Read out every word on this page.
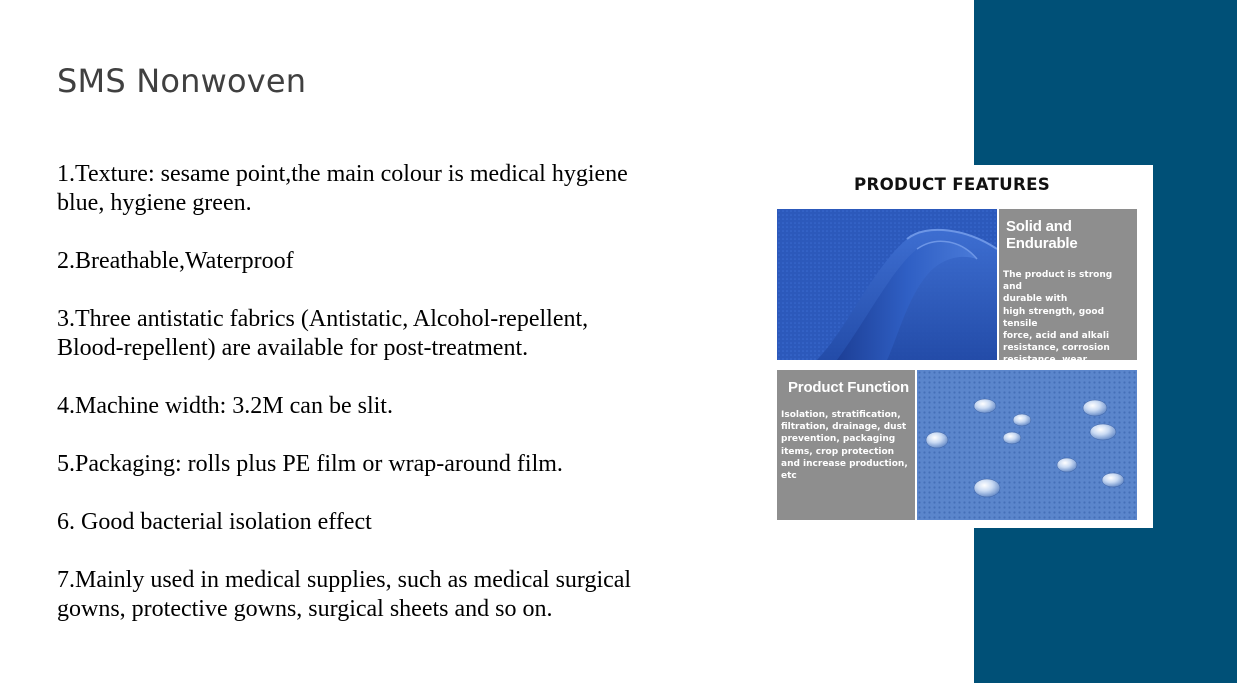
SMS Nonwoven
1.Texture: sesame point,the main colour is medical hygiene blue, hygiene green.
2.Breathable,Waterproof
3.Three antistatic fabrics (Antistatic, Alcohol-repellent, Blood-repellent) are available for post-treatment.
4.Machine width: 3.2M can be slit.
5.Packaging: rolls plus PE film or wrap-around film.
6. Good bacterial isolation effect
7.Mainly used in medical supplies, such as medical surgical gowns, protective gowns, surgical sheets and so on.
PRODUCT FEATURES
Solid and Endurable
The product is strong and
durable with
high strength, good tensile
force, acid and alkali
resistance, corrosion
resistance, wear

Product Function
Isolation, stratification,
filtration, drainage, dust
prevention, packaging
items, crop protection
and increase production,
etc
